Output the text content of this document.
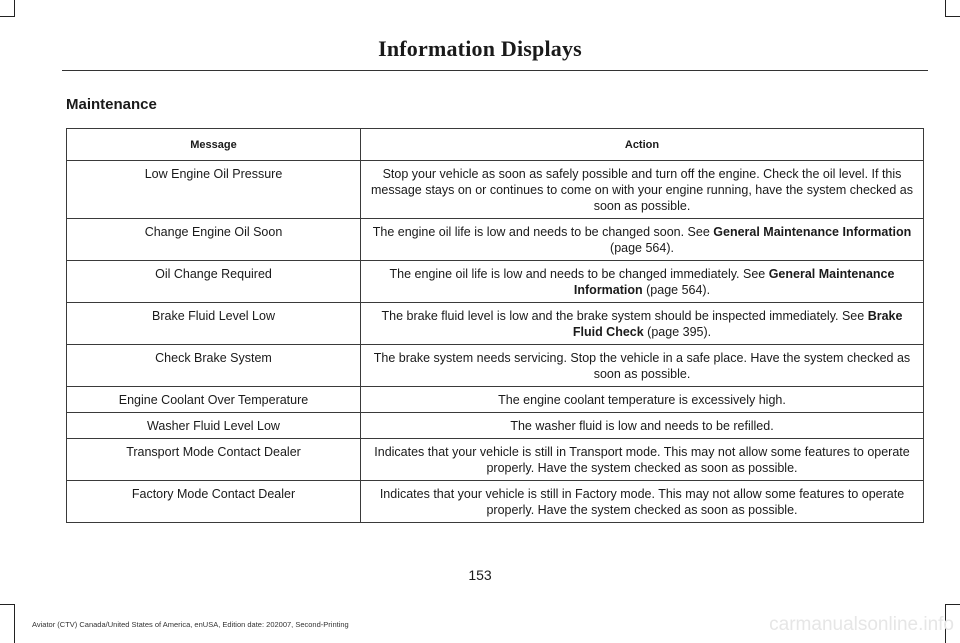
Information Displays
Maintenance
Message	Action
Low Engine Oil Pressure	Stop your vehicle as soon as safely possible and turn off the engine. Check the oil level. If this message stays on or continues to come on with your engine running, have the system checked as soon as possible.
Change Engine Oil Soon	The engine oil life is low and needs to be changed soon. See General Maintenance Information (page 564).
Oil Change Required	The engine oil life is low and needs to be changed immediately. See General Maintenance Information (page 564).
Brake Fluid Level Low	The brake fluid level is low and the brake system should be inspected immediately. See Brake Fluid Check (page 395).
Check Brake System	The brake system needs servicing. Stop the vehicle in a safe place. Have the system checked as soon as possible.
Engine Coolant Over Temperature	The engine coolant temperature is excessively high.
Washer Fluid Level Low	The washer fluid is low and needs to be refilled.
Transport Mode Contact Dealer	Indicates that your vehicle is still in Transport mode. This may not allow some features to operate properly. Have the system checked as soon as possible.
Factory Mode Contact Dealer	Indicates that your vehicle is still in Factory mode. This may not allow some features to operate properly. Have the system checked as soon as possible.
153
Aviator (CTV) Canada/United States of America, enUSA, Edition date: 202007, Second-Printing	carmanualsonline.info
